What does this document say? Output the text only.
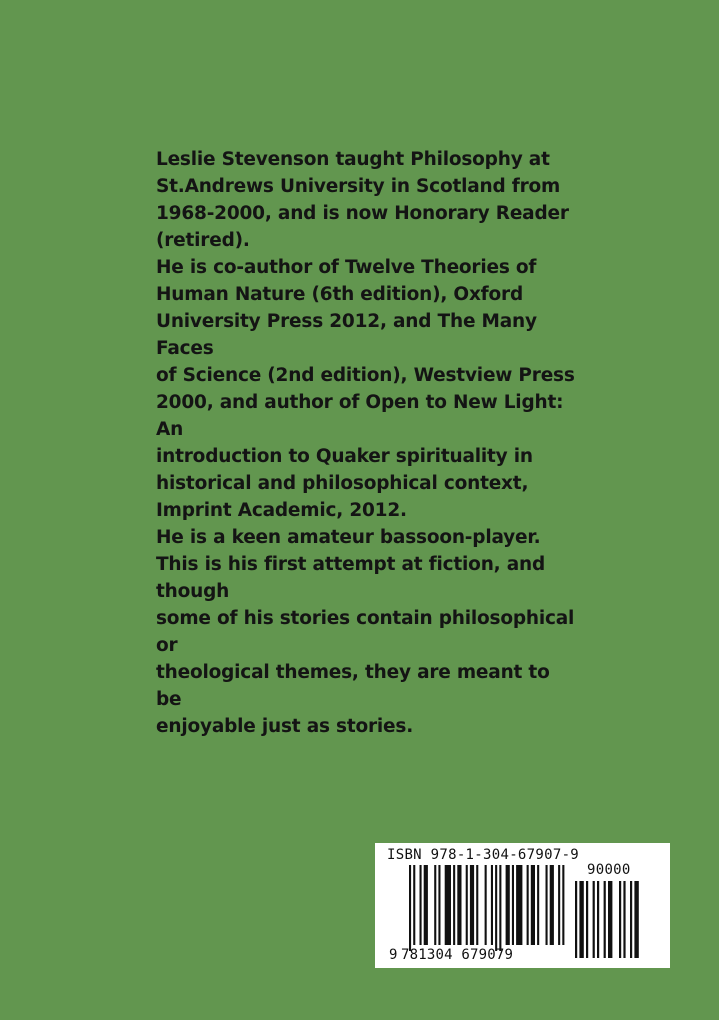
Leslie Stevenson taught Philosophy at

St.Andrews University in Scotland from

1968-2000, and is now Honorary Reader

(retired).

He is co-author of Twelve Theories of

Human Nature (6th edition), Oxford

University Press 2012, and The Many Faces

of Science (2nd edition), Westview Press

2000, and author of Open to New Light: An

introduction to Quaker spirituality in

historical and philosophical context,

Imprint Academic, 2012.

He is a keen amateur bassoon-player.

This is his first attempt at fiction, and though

some of his stories contain philosophical or

theological themes, they are meant to be

enjoyable just as stories.

ISBN 978-1-304-67907-9
90000
9 781304 679079
